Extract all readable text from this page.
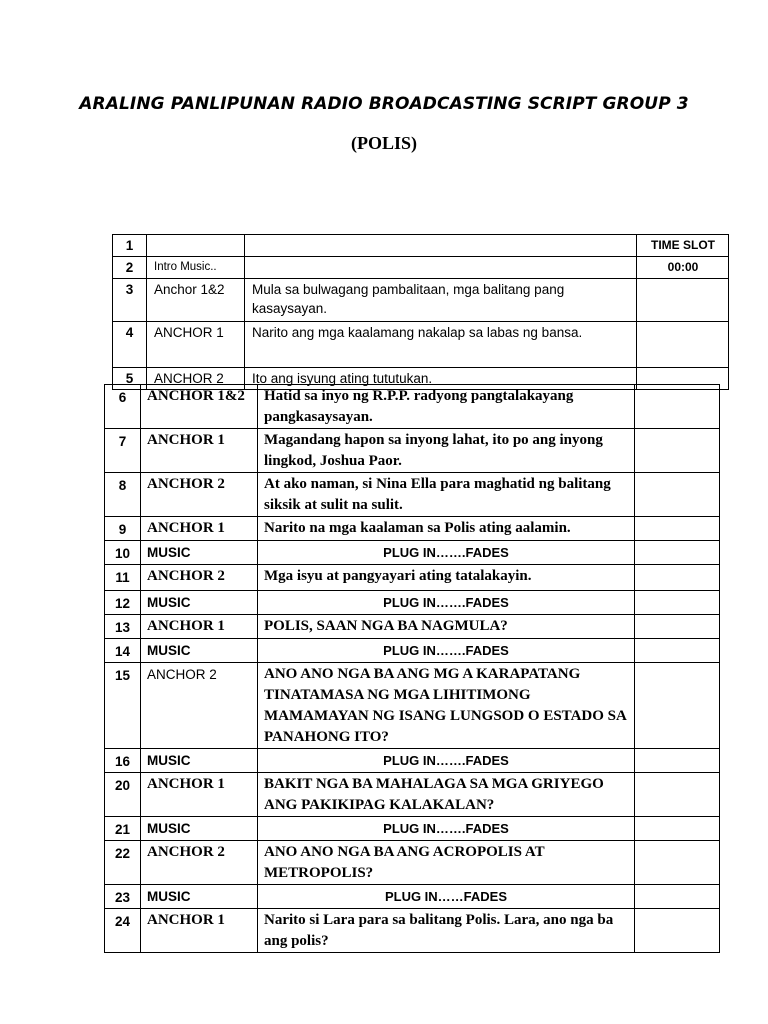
ARALING PANLIPUNAN RADIO BROADCASTING SCRIPT GROUP 3
(POLIS)
1			TIME SLOT
2	Intro Music..		00:00
3	Anchor 1&2	Mula sa bulwagang pambalitaan, mga balitang pang kasaysayan.	
4	ANCHOR 1	Narito ang mga kaalamang nakalap sa labas ng bansa.	
5	ANCHOR 2	Ito ang isyung ating tututukan.	
6	ANCHOR 1&2	Hatid sa inyo ng R.P.P. radyong pangtalakayang pangkasaysayan.	
7	ANCHOR 1	Magandang hapon sa inyong lahat, ito po ang inyong lingkod, Joshua Paor.	
8	ANCHOR 2	At ako naman, si Nina Ella para maghatid ng balitang siksik at sulit na sulit.	
9	ANCHOR 1	Narito na mga kaalaman sa Polis ating aalamin.	
10	MUSIC	PLUG IN…….FADES	
11	ANCHOR 2	Mga isyu at pangyayari ating tatalakayin.	
12	MUSIC	PLUG IN…….FADES	
13	ANCHOR 1	POLIS, SAAN NGA BA NAGMULA?	
14	MUSIC	PLUG IN…….FADES	
15	ANCHOR 2	ANO ANO NGA BA ANG MG A KARAPATANG TINATAMASA NG MGA LIHITIMONG MAMAMAYAN NG ISANG LUNGSOD O ESTADO SA PANAHONG ITO?	
16	MUSIC	PLUG IN…….FADES	
20	ANCHOR 1	BAKIT NGA BA MAHALAGA SA MGA GRIYEGO ANG PAKIKIPAG KALAKALAN?	
21	MUSIC	PLUG IN…….FADES	
22	ANCHOR 2	ANO ANO NGA BA ANG ACROPOLIS AT METROPOLIS?	
23	MUSIC	PLUG IN……FADES	
24	ANCHOR 1	Narito si Lara para sa balitang Polis. Lara, ano nga ba ang polis?	
